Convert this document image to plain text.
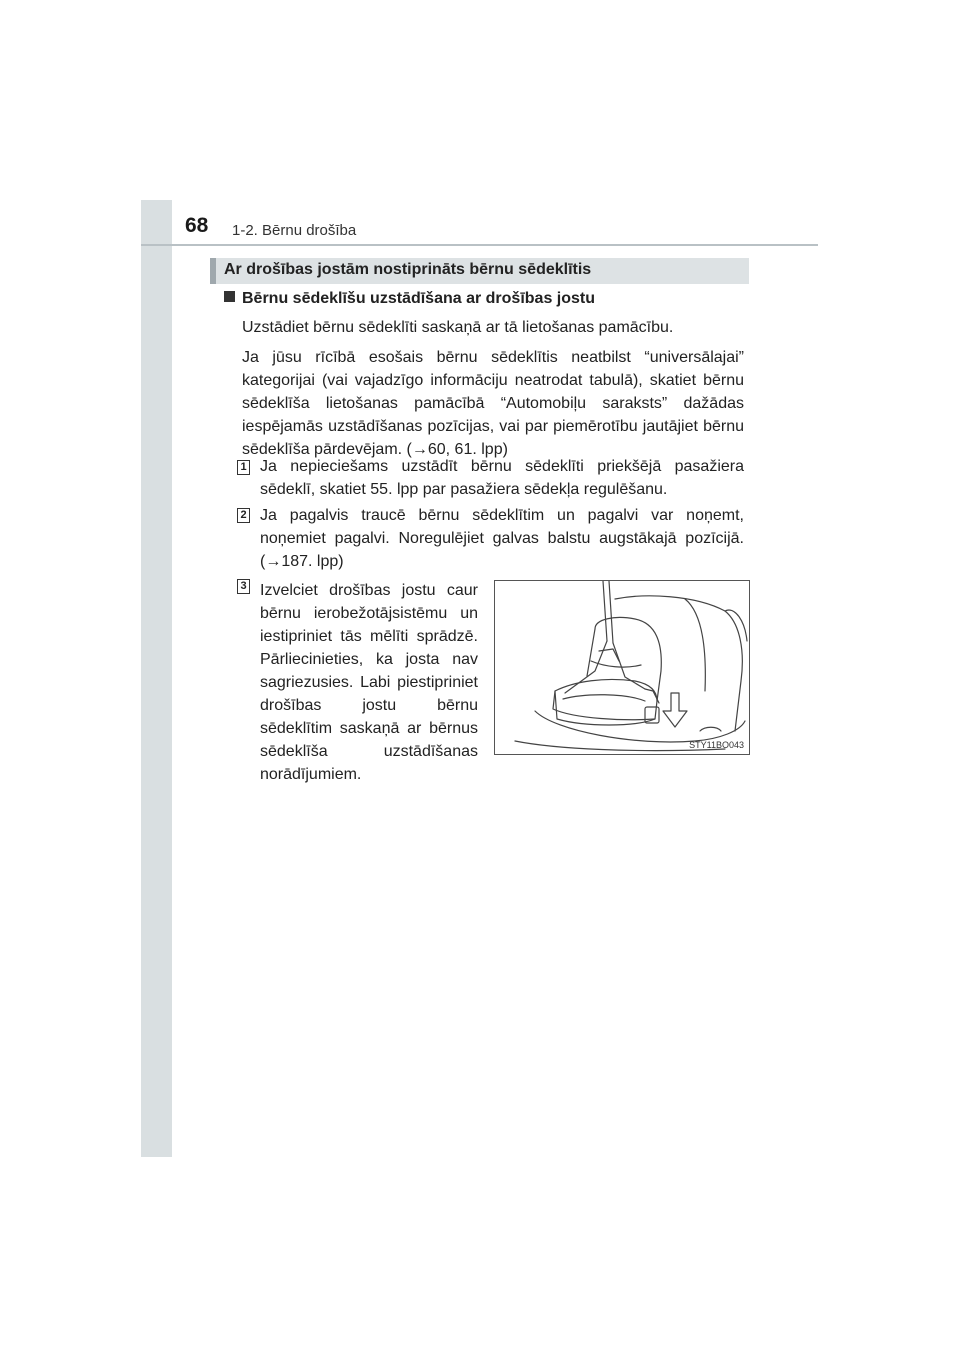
68 1-2. Bērnu drošība
Ar drošības jostām nostiprināts bērnu sēdeklītis
Bērnu sēdeklīšu uzstādīšana ar drošības jostu
Uzstādiet bērnu sēdeklīti saskaņā ar tā lietošanas pamācību.
Ja jūsu rīcībā esošais bērnu sēdeklītis neatbilst “universālajai” kategorijai (vai vajadzīgo informāciju neatrodat tabulā), skatiet bērnu sēdeklīša lietošanas pamācībā “Automobiļu saraksts” dažādas iespējamās uzstādīšanas pozīcijas, vai par piemērotību jautājiet bērnu sēdeklīša pārdevējam. (→60, 61. lpp)
1 Ja nepieciešams uzstādīt bērnu sēdeklīti priekšējā pasažiera sēdeklī, skatiet 55. lpp par pasažiera sēdekļa regulēšanu.
2 Ja pagalvis traucē bērnu sēdeklītim un pagalvi var noņemt, noņemiet pagalvi. Noregulējiet galvas balstu augstākajā pozīcijā. (→187. lpp)
3 Izvelciet drošības jostu caur bērnu ierobežotājsistēmu un iestipriniet tās mēlīti sprādzē. Pārliecinieties, ka josta nav sagriezusies. Labi piestipriniet drošības jostu bērnu sēdeklītim saskaņā ar bērnus sēdeklīša uzstādīšanas norādījumiem.
STY11BO043
